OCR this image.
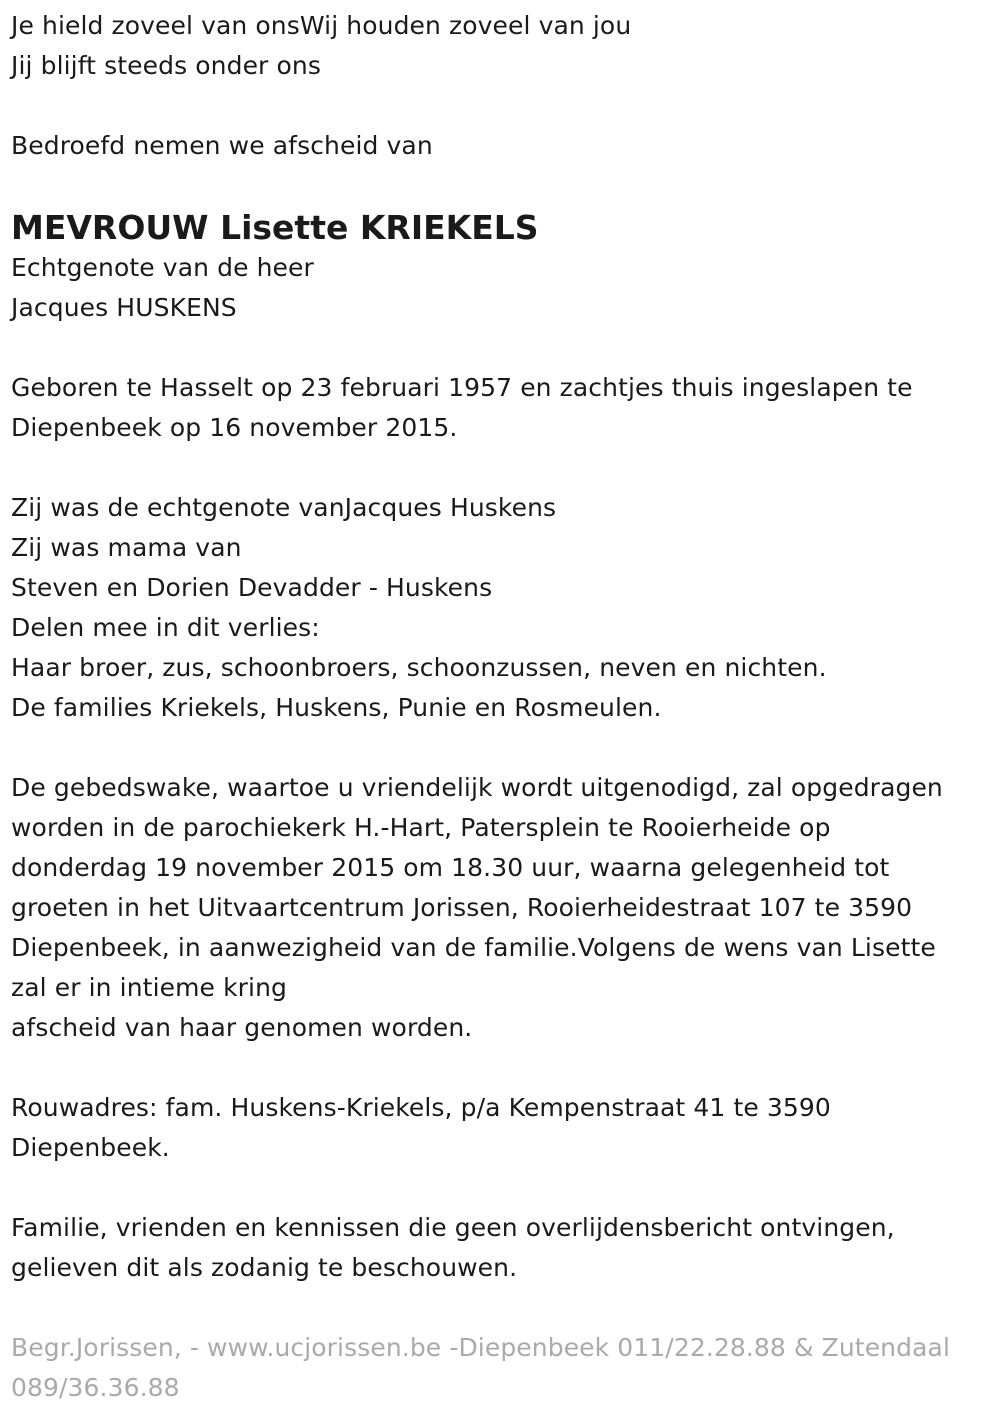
Je hield zoveel van onsWij houden zoveel van jou
Jij blijft steeds onder ons
Bedroefd nemen we afscheid van
MEVROUW Lisette KRIEKELS
Echtgenote van de heer
Jacques HUSKENS
Geboren te Hasselt op 23 februari 1957 en zachtjes thuis ingeslapen te
Diepenbeek op 16 november 2015.
Zij was de echtgenote vanJacques Huskens
Zij was mama van
Steven en Dorien Devadder - Huskens
Delen mee in dit verlies:
Haar broer, zus, schoonbroers, schoonzussen, neven en nichten.
De families Kriekels, Huskens, Punie en Rosmeulen.
De gebedswake, waartoe u vriendelijk wordt uitgenodigd, zal opgedragen
worden in de parochiekerk H.-Hart, Patersplein te Rooierheide op
donderdag 19 november 2015 om 18.30 uur, waarna gelegenheid tot
groeten in het Uitvaartcentrum Jorissen, Rooierheidestraat 107 te 3590
Diepenbeek, in aanwezigheid van de familie.Volgens de wens van Lisette
zal er in intieme kring
afscheid van haar genomen worden.
Rouwadres: fam. Huskens-Kriekels, p/a Kempenstraat 41 te 3590
Diepenbeek.
Familie, vrienden en kennissen die geen overlijdensbericht ontvingen,
gelieven dit als zodanig te beschouwen.
Begr.Jorissen, - www.ucjorissen.be -Diepenbeek 011/22.28.88 & Zutendaal
089/36.36.88
